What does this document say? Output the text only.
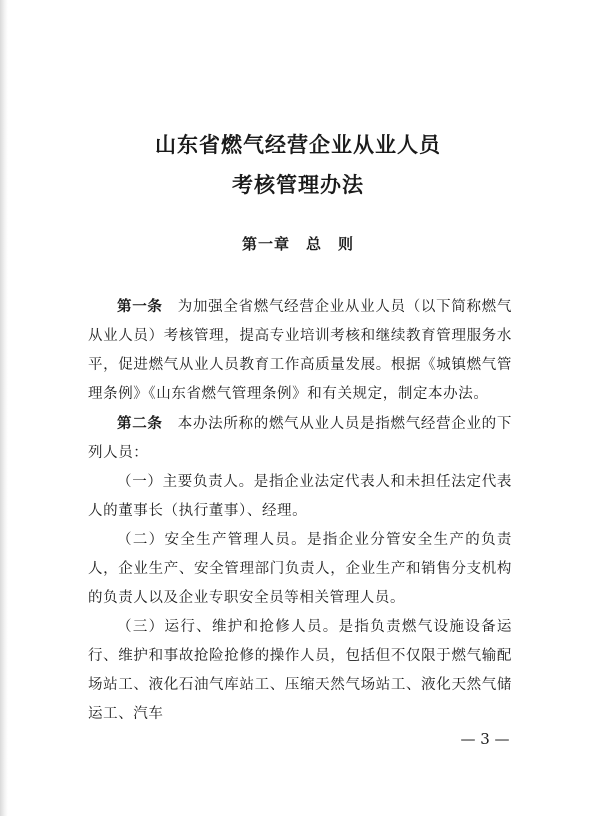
山东省燃气经营企业从业人员
考核管理办法
第一章　总　则

第一条　为加强全省燃气经营企业从业人员（以下简称燃气从业人员）考核管理，提高专业培训考核和继续教育管理服务水平，促进燃气从业人员教育工作高质量发展。根据《城镇燃气管理条例》《山东省燃气管理条例》和有关规定，制定本办法。

第二条　本办法所称的燃气从业人员是指燃气经营企业的下列人员：

（一）主要负责人。是指企业法定代表人和未担任法定代表人的董事长（执行董事）、经理。

（二）安全生产管理人员。是指企业分管安全生产的负责人，企业生产、安全管理部门负责人，企业生产和销售分支机构的负责人以及企业专职安全员等相关管理人员。

（三）运行、维护和抢修人员。是指负责燃气设施设备运行、维护和事故抢险抢修的操作人员，包括但不仅限于燃气输配场站工、液化石油气库站工、压缩天然气场站工、液化天然气储运工、汽车

— 3 —
